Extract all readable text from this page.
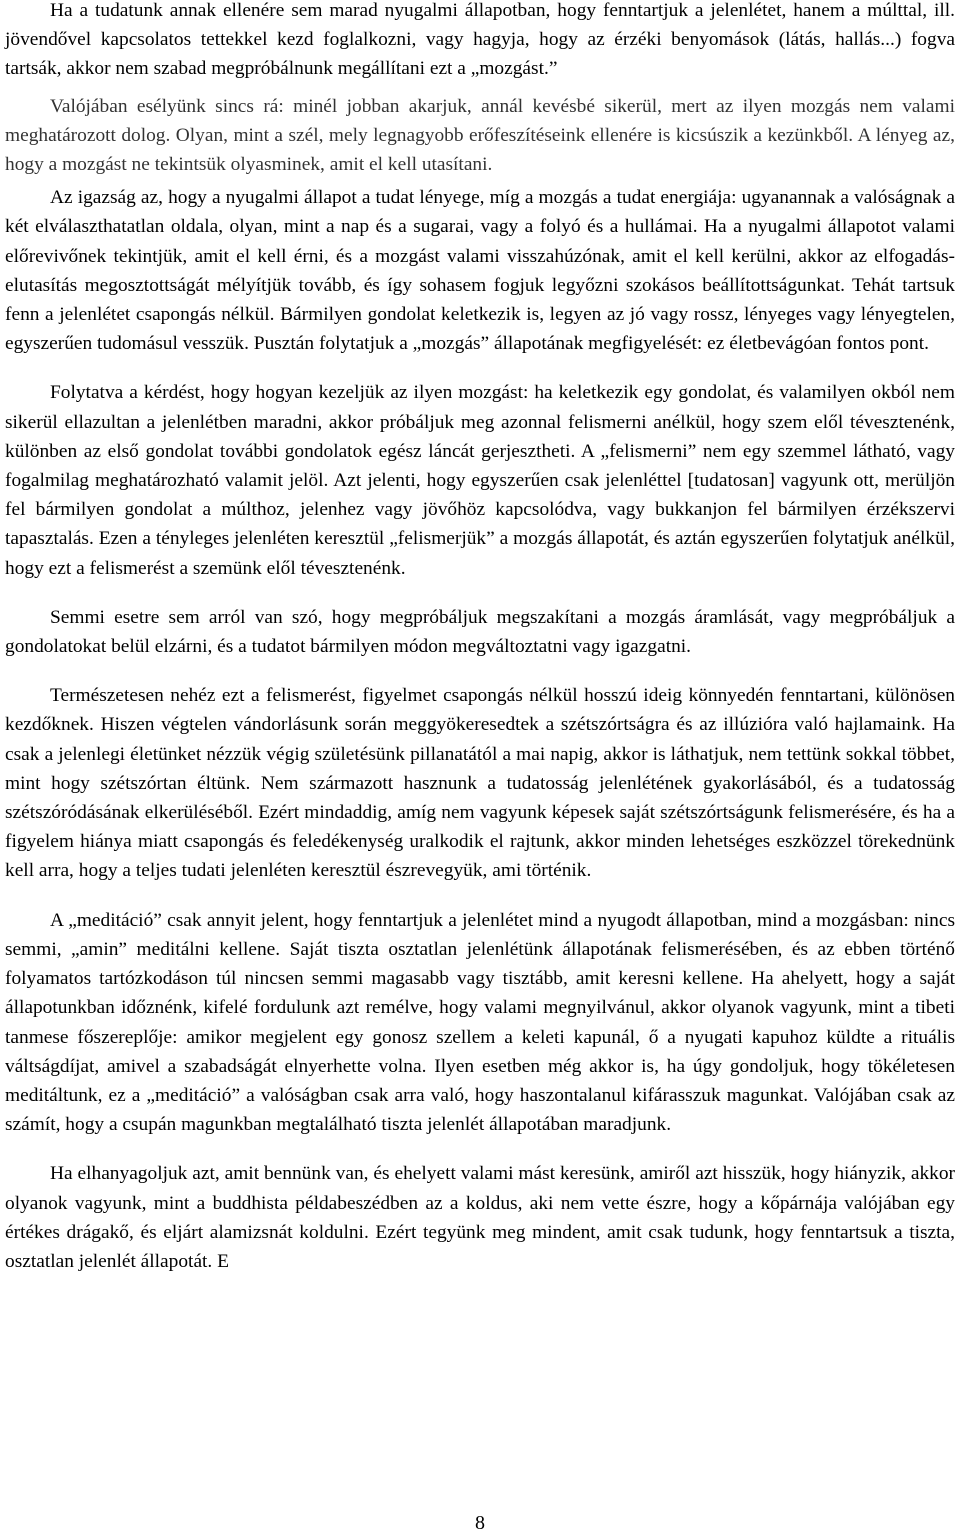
Ha a tudatunk annak ellenére sem marad nyugalmi állapotban, hogy fenntartjuk a jelenlétet, hanem a múlttal, ill. jövendővel kapcsolatos tettekkel kezd foglalkozni, vagy hagyja, hogy az érzéki benyomások (látás, hallás...) fogva tartsák, akkor nem szabad megpróbálnunk megállítani ezt a „mozgást.”

Valójában esélyünk sincs rá: minél jobban akarjuk, annál kevésbé sikerül, mert az ilyen mozgás nem valami meghatározott dolog. Olyan, mint a szél, mely legnagyobb erőfeszítéseink ellenére is kicsúszik a kezünkből. A lényeg az, hogy a mozgást ne tekintsük olyasminek, amit el kell utasítani.

Az igazság az, hogy a nyugalmi állapot a tudat lényege, míg a mozgás a tudat energiája: ugyanannak a valóságnak a két elválaszthatatlan oldala, olyan, mint a nap és a sugarai, vagy a folyó és a hullámai. Ha a nyugalmi állapotot valami előrevivőnek tekintjük, amit el kell érni, és a mozgást valami visszahúzónak, amit el kell kerülni, akkor az elfogadás-elutasítás megosztottságát mélyítjük tovább, és így sohasem fogjuk legyőzni szokásos beállítottságunkat. Tehát tartsuk fenn a jelenlétet csapongás nélkül. Bármilyen gondolat keletkezik is, legyen az jó vagy rossz, lényeges vagy lényegtelen, egyszerűen tudomásul vesszük. Pusztán folytatjuk a „mozgás” állapotának megfigyelését: ez életbevágóan fontos pont.

Folytatva a kérdést, hogy hogyan kezeljük az ilyen mozgást: ha keletkezik egy gondolat, és valamilyen okból nem sikerül ellazultan a jelenlétben maradni, akkor próbáljuk meg azonnal felismerni anélkül, hogy szem elől tévesztenénk, különben az első gondolat további gondolatok egész láncát gerjesztheti. A „felismerni” nem egy szemmel látható, vagy fogalmilag meghatározható valamit jelöl. Azt jelenti, hogy egyszerűen csak jelenléttel [tudatosan] vagyunk ott, merüljön fel bármilyen gondolat a múlthoz, jelenhez vagy jövőhöz kapcsolódva, vagy bukkanjon fel bármilyen érzékszervi tapasztalás. Ezen a tényleges jelenléten keresztül „felismerjük” a mozgás állapotát, és aztán egyszerűen folytatjuk anélkül, hogy ezt a felismerést a szemünk elől tévesztenénk.

Semmi esetre sem arról van szó, hogy megpróbáljuk megszakítani a mozgás áramlását, vagy megpróbáljuk a gondolatokat belül elzárni, és a tudatot bármilyen módon megváltoztatni vagy igazgatni.

Természetesen nehéz ezt a felismerést, figyelmet csapongás nélkül hosszú ideig könnyedén fenntartani, különösen kezdőknek. Hiszen végtelen vándorlásunk során meggyökeresedtek a szétszórtságra és az illúzióra való hajlamaink. Ha csak a jelenlegi életünket nézzük végig születésünk pillanatától a mai napig, akkor is láthatjuk, nem tettünk sokkal többet, mint hogy szétszórtan éltünk. Nem származott hasznunk a tudatosság jelenlétének gyakorlásából, és a tudatosság szétszóródásának elkerüléséből. Ezért mindaddig, amíg nem vagyunk képesek saját szétszórtságunk felismerésére, és ha a figyelem hiánya miatt csapongás és feledékenység uralkodik el rajtunk, akkor minden lehetséges eszközzel törekednünk kell arra, hogy a teljes tudati jelenléten keresztül észrevegyük, ami történik.

A „meditáció” csak annyit jelent, hogy fenntartjuk a jelenlétet mind a nyugodt állapotban, mind a mozgásban: nincs semmi, „amin” meditálni kellene. Saját tiszta osztatlan jelenlétünk állapotának felismerésében, és az ebben történő folyamatos tartózkodáson túl nincsen semmi magasabb vagy tisztább, amit keresni kellene. Ha ahelyett, hogy a saját állapotunkban időznénk, kifelé fordulunk azt remélve, hogy valami megnyilvánul, akkor olyanok vagyunk, mint a tibeti tanmese főszereplője: amikor megjelent egy gonosz szellem a keleti kapunál, ő a nyugati kapuhoz küldte a rituális váltságdíjat, amivel a szabadságát elnyerhette volna. Ilyen esetben még akkor is, ha úgy gondoljuk, hogy tökéletesen meditáltunk, ez a „meditáció” a valóságban csak arra való, hogy haszontalanul kifárasszuk magunkat. Valójában csak az számít, hogy a csupán magunkban megtalálható tiszta jelenlét állapotában maradjunk.

Ha elhanyagoljuk azt, amit bennünk van, és ehelyett valami mást keresünk, amiről azt hisszük, hogy hiányzik, akkor olyanok vagyunk, mint a buddhista példabeszédben az a koldus, aki nem vette észre, hogy a kőpárnája valójában egy értékes drágakő, és eljárt alamizsnát koldulni. Ezért tegyünk meg mindent, amit csak tudunk, hogy fenntartsuk a tiszta, osztatlan jelenlét állapotát. E

8
